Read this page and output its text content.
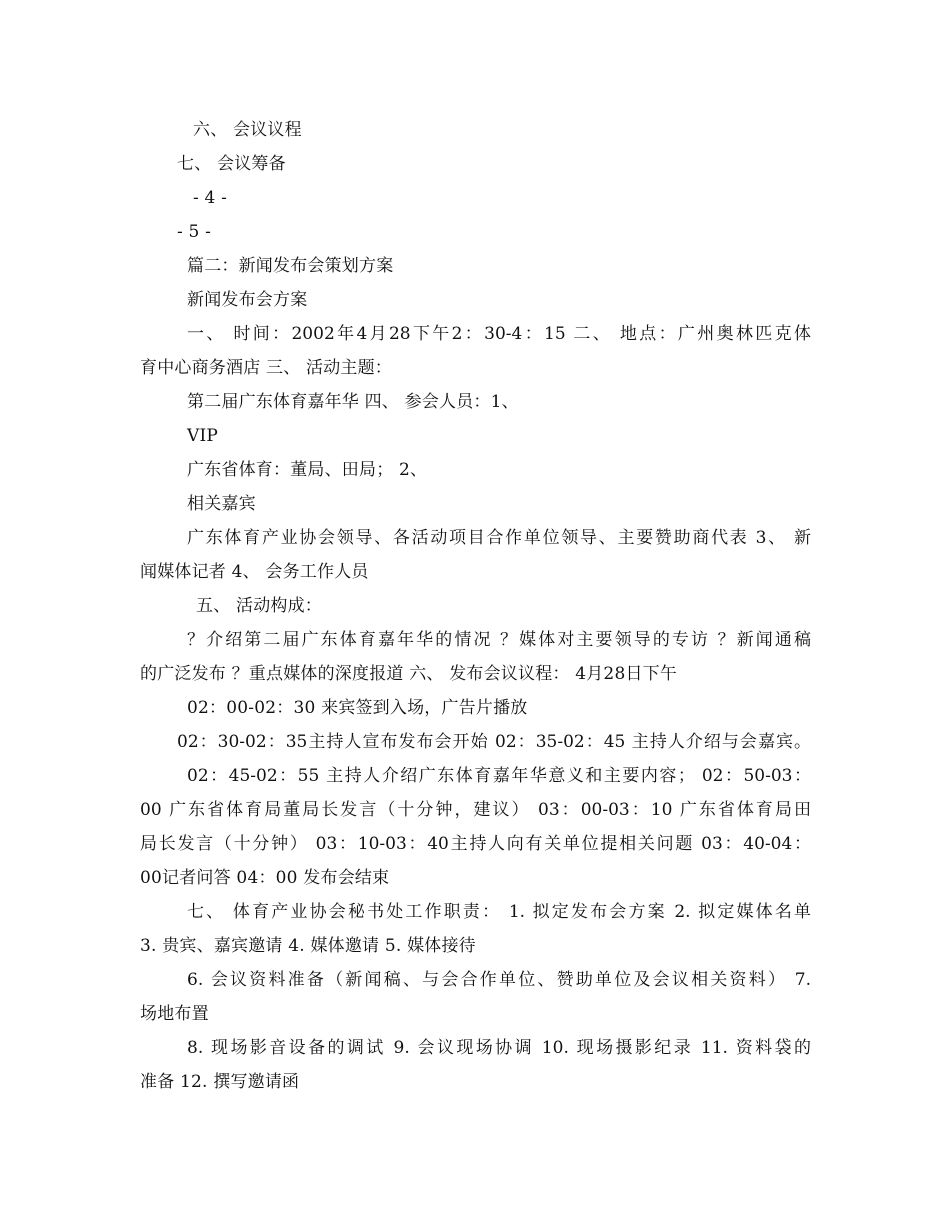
六、 会议议程
七、 会议筹备
- 4 -
- 5 -
篇二：新闻发布会策划方案
新闻发布会方案
一、 时间：2002年4月28下午2：30-4：15 二、 地点：广州奥林匹克体
育中心商务酒店 三、 活动主题：
第二届广东体育嘉年华 四、 参会人员：1、
VIP
广东省体育：董局、田局； 2、
相关嘉宾
广东体育产业协会领导、各活动项目合作单位领导、主要赞助商代表 3、 新
闻媒体记者 4、 会务工作人员
五、 活动构成：
？介绍第二届广东体育嘉年华的情况 ？媒体对主要领导的专访 ？新闻通稿
的广泛发布 ？重点媒体的深度报道 六、 发布会议议程： 4月28日下午
02：00-02：30 来宾签到入场，广告片播放
02：30-02：35主持人宣布发布会开始 02：35-02：45 主持人介绍与会嘉宾。
02：45-02：55 主持人介绍广东体育嘉年华意义和主要内容； 02：50-03：
00 广东省体育局董局长发言（十分钟，建议） 03：00-03：10 广东省体育局田
局长发言（十分钟） 03：10-03：40主持人向有关单位提相关问题 03：40-04：
00记者问答 04：00 发布会结束
七、 体育产业协会秘书处工作职责： 1. 拟定发布会方案 2. 拟定媒体名单
3. 贵宾、嘉宾邀请 4. 媒体邀请 5. 媒体接待
6. 会议资料准备（新闻稿、与会合作单位、赞助单位及会议相关资料） 7.
场地布置
8. 现场影音设备的调试 9. 会议现场协调 10. 现场摄影纪录 11. 资料袋的
准备 12. 撰写邀请函
